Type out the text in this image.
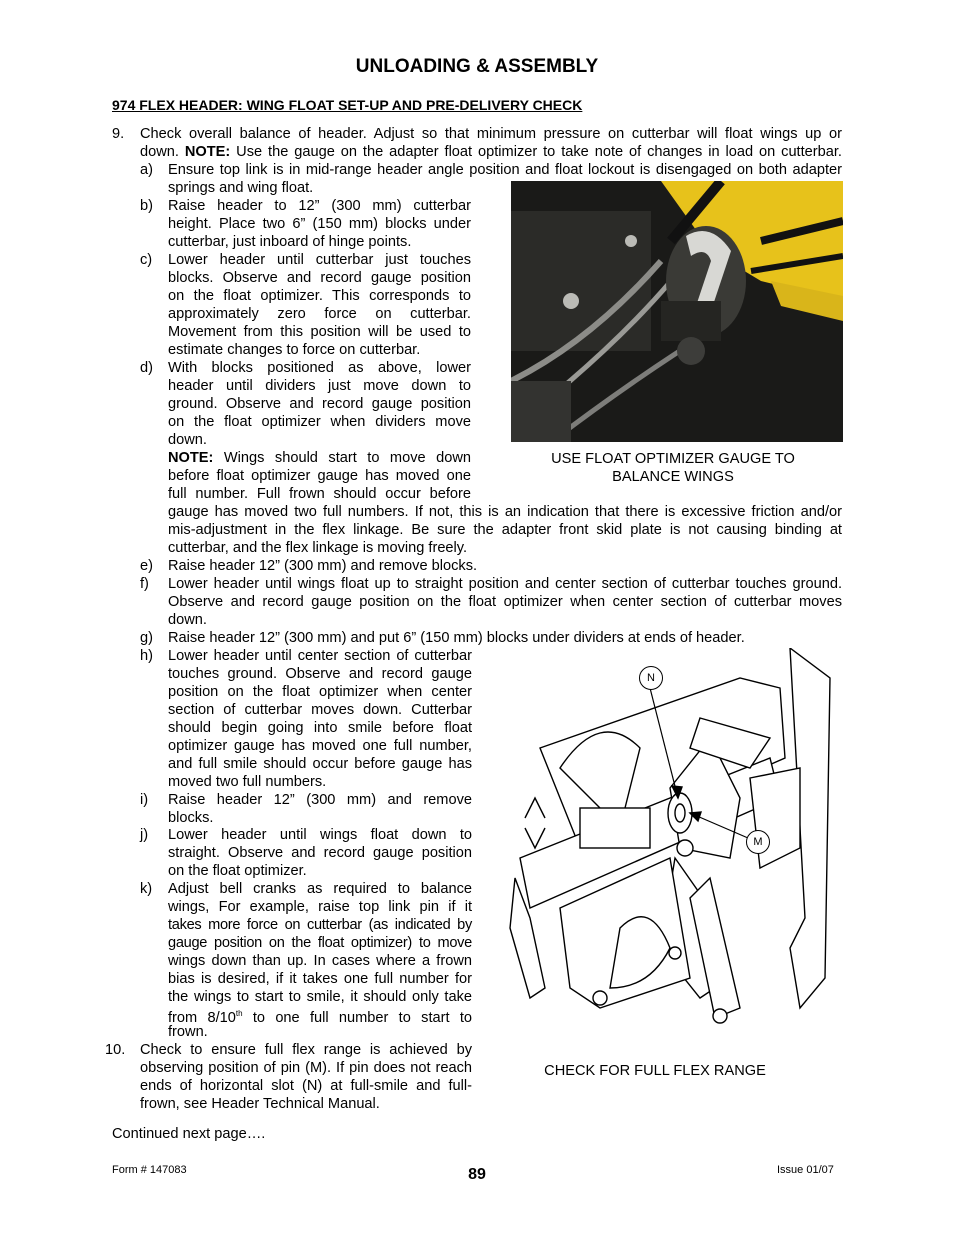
UNLOADING & ASSEMBLY
974 FLEX HEADER: WING FLOAT SET-UP AND PRE-DELIVERY CHECK
9. Check overall balance of header. Adjust so that minimum pressure on cutterbar will float wings up or
down. NOTE: Use the gauge on the adapter float optimizer to take note of changes in load on cutterbar.
a) Ensure top link is in mid-range header angle position and float lockout is disengaged on both adapter
springs and wing float.
b) Raise header to 12” (300 mm) cutterbar
height. Place two 6” (150 mm) blocks under
cutterbar, just inboard of hinge points.
c) Lower header until cutterbar just touches
blocks. Observe and record gauge position
on the float optimizer. This corresponds to
approximately zero force on cutterbar.
Movement from this position will be used to
estimate changes to force on cutterbar.
d) With blocks positioned as above, lower
header until dividers just move down to
ground. Observe and record gauge position
on the float optimizer when dividers move
down.
NOTE: Wings should start to move down
before float optimizer gauge has moved one
full number. Full frown should occur before
gauge has moved two full numbers. If not, this is an indication that there is excessive friction and/or
mis-adjustment in the flex linkage. Be sure the adapter front skid plate is not causing binding at
cutterbar, and the flex linkage is moving freely.
e) Raise header 12” (300 mm) and remove blocks.
f) Lower header until wings float up to straight position and center section of cutterbar touches ground.
Observe and record gauge position on the float optimizer when center section of cutterbar moves
down.
g) Raise header 12” (300 mm) and put 6” (150 mm) blocks under dividers at ends of header.
h) Lower header until center section of cutterbar
touches ground. Observe and record gauge
position on the float optimizer when center
section of cutterbar moves down. Cutterbar
should begin going into smile before float
optimizer gauge has moved one full number,
and full smile should occur before gauge has
moved two full numbers.
i) Raise header 12” (300 mm) and remove
blocks.
j) Lower header until wings float down to
straight. Observe and record gauge position
on the float optimizer.
k) Adjust bell cranks as required to balance
wings, For example, raise top link pin if it
takes more force on cutterbar (as indicated by
gauge position on the float optimizer) to move
wings down than up. In cases where a frown
bias is desired, if it takes one full number for
the wings to start to smile, it should only take
from 8/10th to one full number to start to
frown.
10. Check to ensure full flex range is achieved by
observing position of pin (M). If pin does not reach
ends of horizontal slot (N) at full-smile and full-
frown, see Header Technical Manual.
USE FLOAT OPTIMIZER GAUGE TO
BALANCE WINGS
N
M
CHECK FOR FULL FLEX RANGE
Continued next page….
Form # 147083	89	Issue 01/07
